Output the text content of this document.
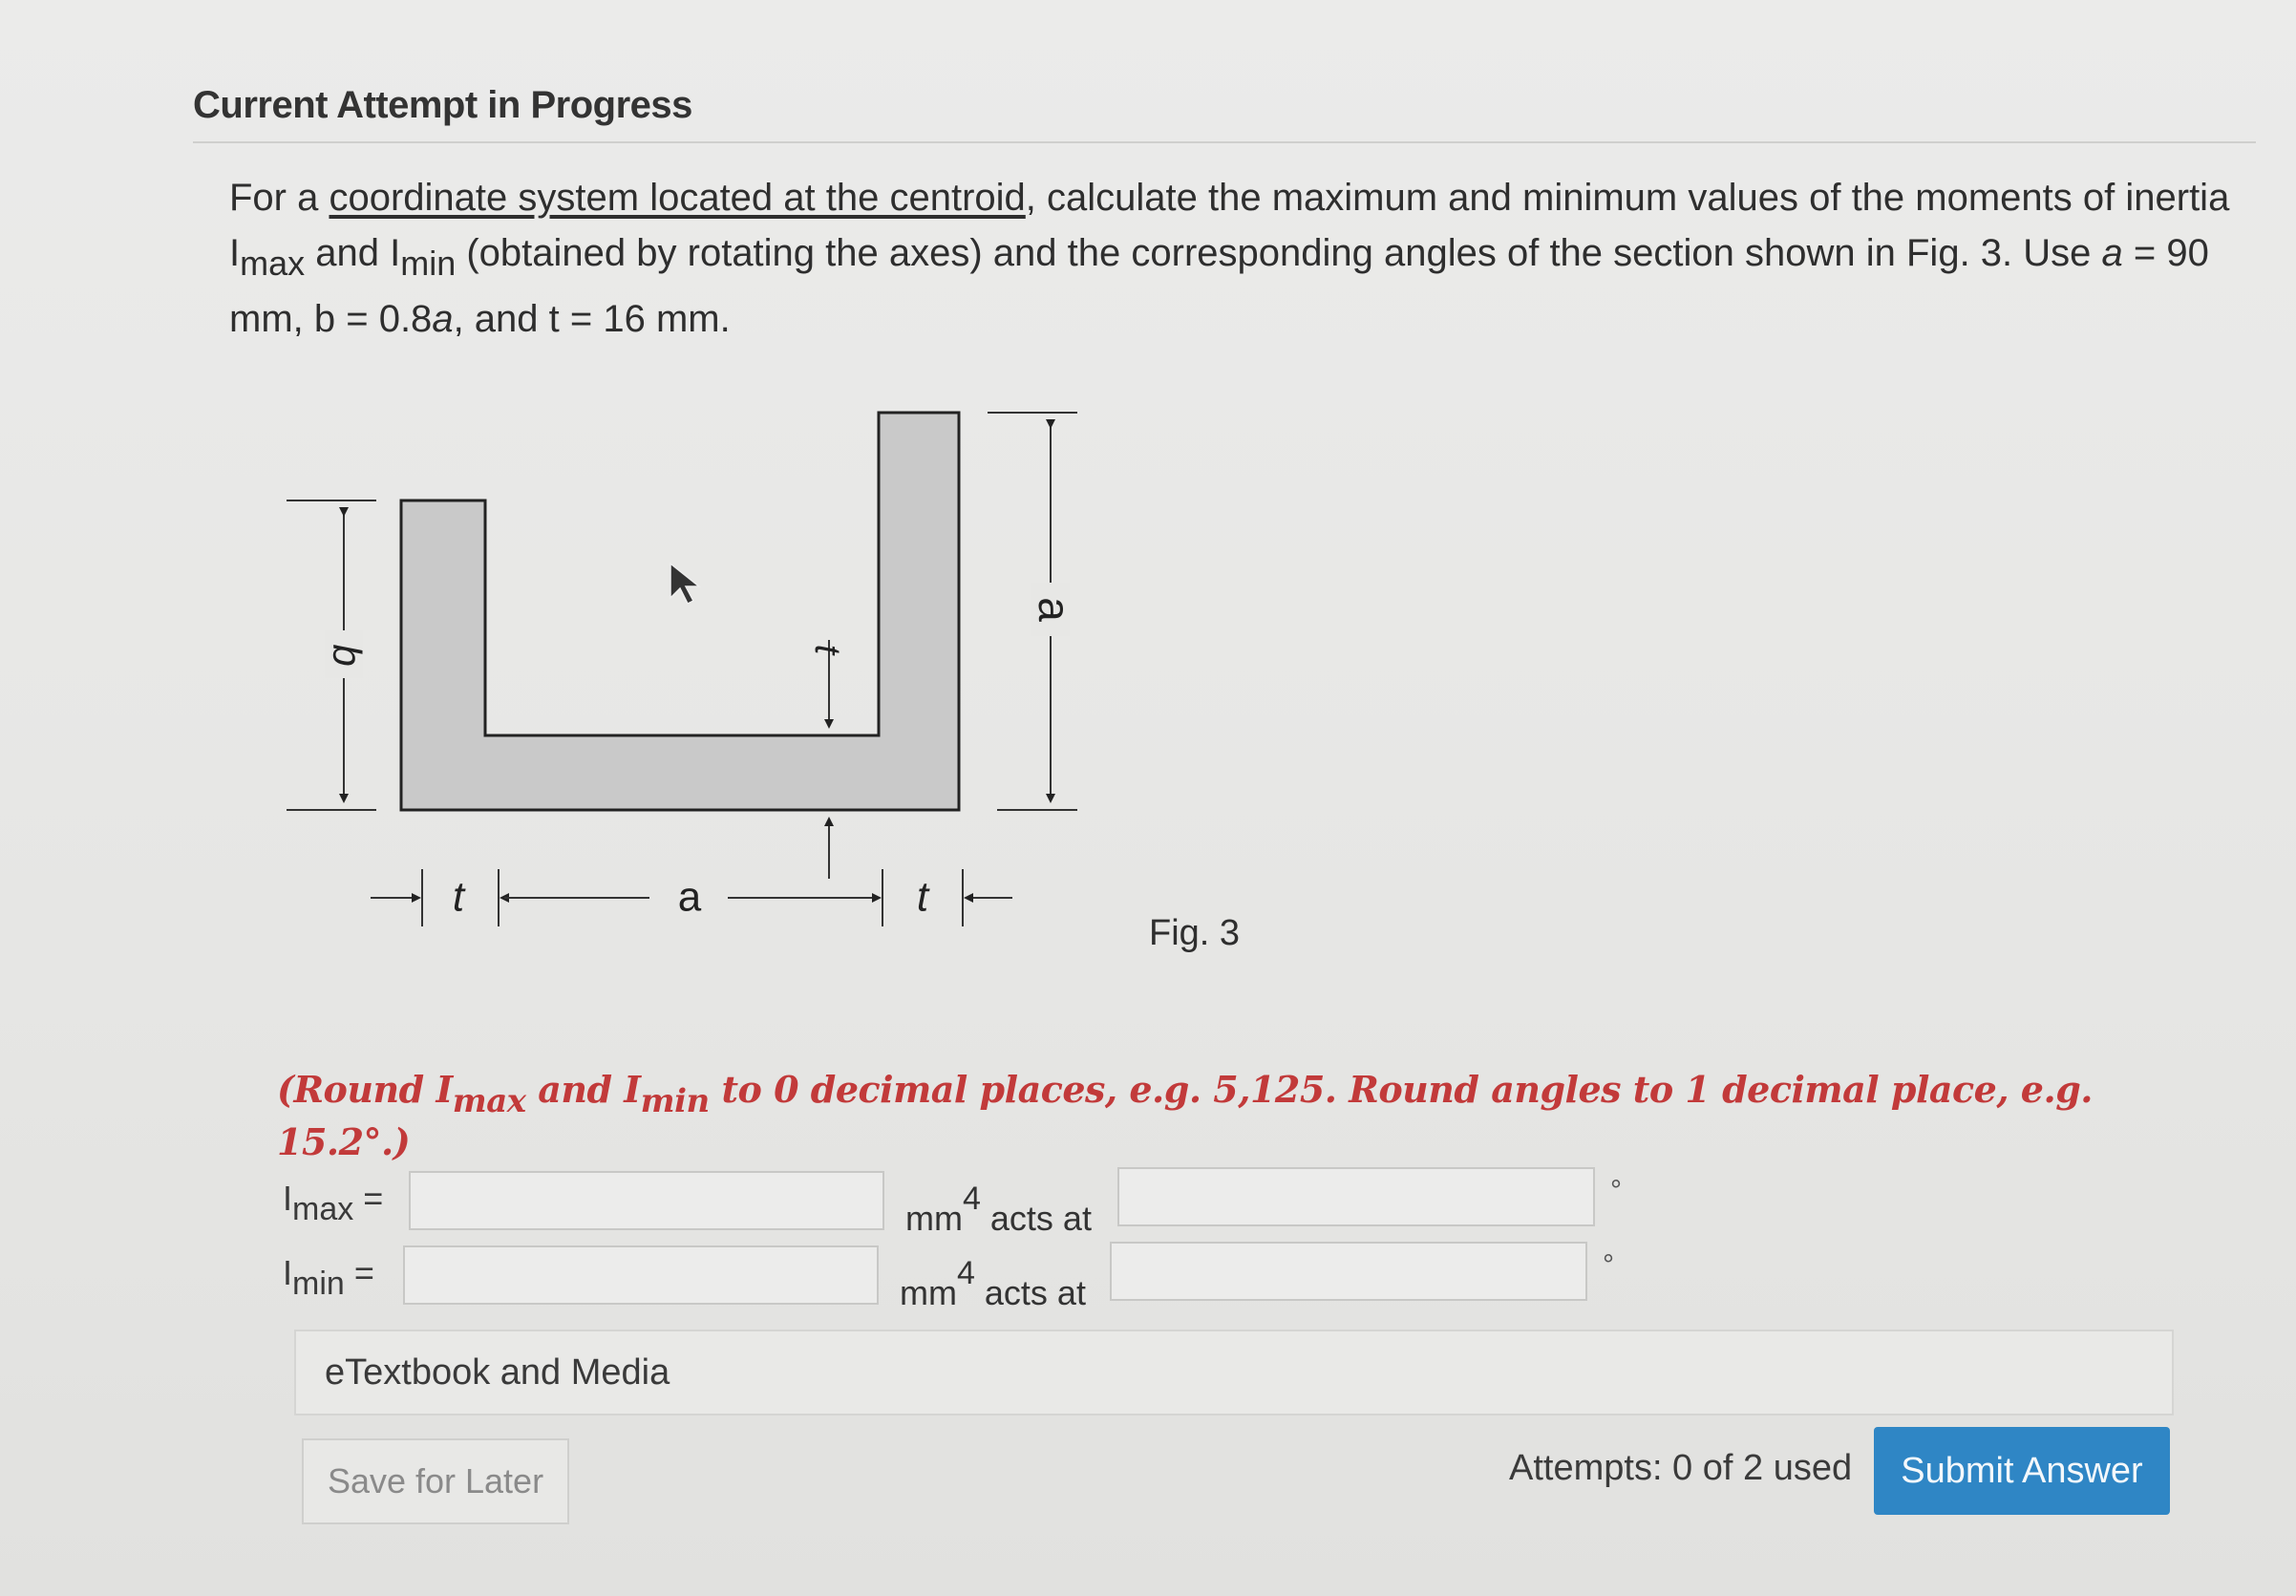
Current Attempt in Progress
For a coordinate system located at the centroid, calculate the maximum and minimum values of the moments of inertia $I_{max}$ and $I_{min}$ (obtained by rotating the axes) and the corresponding angles of the section shown in Fig. 3. Use a = 90 mm, b = 0.8a, and t = 16 mm.
b
a
t
t	a	t
Fig. 3
(Round $I_{max}$ and $I_{min}$ to 0 decimal places, e.g. 5,125. Round angles to 1 decimal place, e.g. 15.2°.)
$I_{max}$ =
$mm^4$ acts at
°
$I_{min}$ =
$mm^4$ acts at
°
eTextbook and Media
Save for Later	Attempts: 0 of 2 used	Submit Answer
